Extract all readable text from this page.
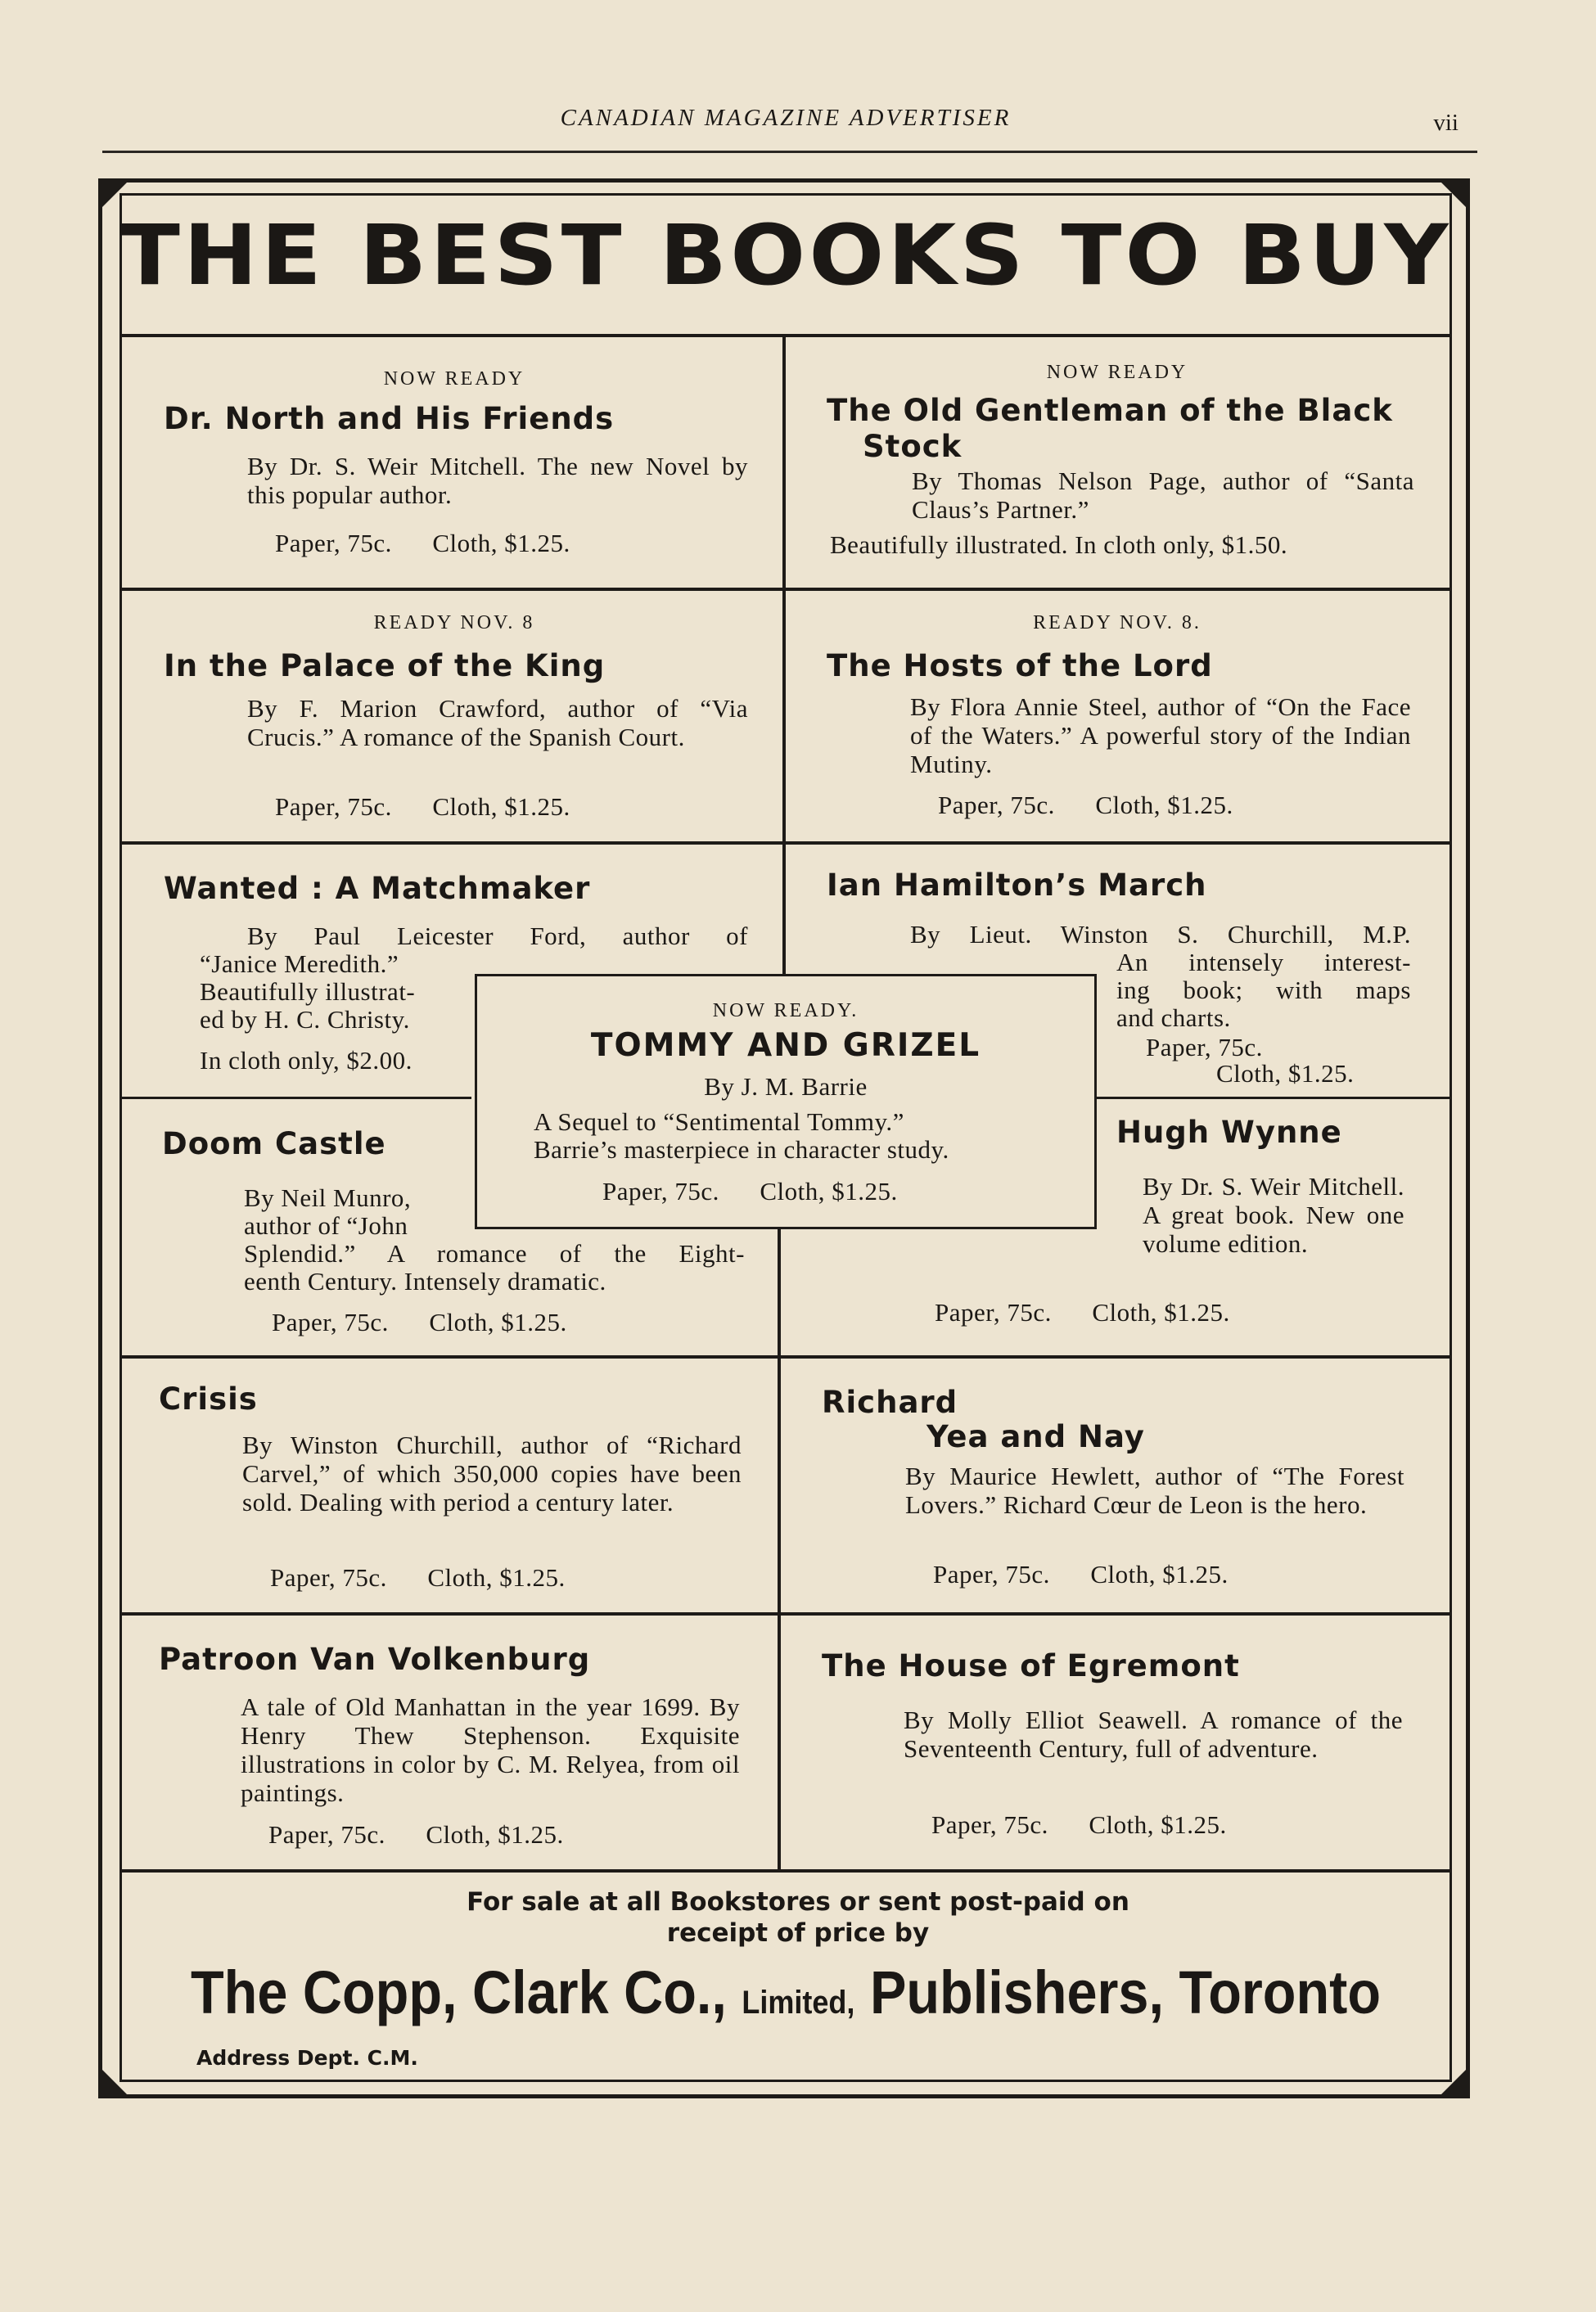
CANADIAN MAGAZINE ADVERTISER	vii
THE BEST BOOKS TO BUY
NOW READY
Dr. North and His Friends
By Dr. S. Weir Mitchell. The new Novel by this popular author.
Paper, 75c.      Cloth, $1.25.
NOW READY
The Old Gentleman of the Black
Stock
By Thomas Nelson Page, author of “Santa Claus’s Partner.”
Beautifully illustrated. In cloth only, $1.50.
READY NOV. 8
In the Palace of the King
By F. Marion Crawford, author of “Via Crucis.” A romance of the Spanish Court.
Paper, 75c.      Cloth, $1.25.
READY NOV. 8.
The Hosts of the Lord
By Flora Annie Steel, author of “On the Face of the Waters.” A powerful story of the Indian Mutiny.
Paper, 75c.      Cloth, $1.25.
Wanted : A Matchmaker
By Paul Leicester Ford, author of
“Janice Meredith.”
Beautifully illustrat-
ed by H. C. Christy.
In cloth only, $2.00.
Ian Hamilton’s March
By Lieut. Winston S. Churchill, M.P.
An intensely interest-
ing book; with maps
and charts.
Paper, 75c.
Cloth, $1.25.
NOW READY.
TOMMY AND GRIZEL
By J. M. Barrie
A Sequel to “Sentimental Tommy.”
Barrie’s masterpiece in character study.
Paper, 75c.      Cloth, $1.25.
Doom Castle
By Neil Munro,
author of “John
Splendid.” A romance of the Eight-
eenth Century. Intensely dramatic.
Paper, 75c.      Cloth, $1.25.
Hugh Wynne
By Dr. S. Weir Mitchell. A great book. New one volume edition.
Paper, 75c.      Cloth, $1.25.
Crisis
By Winston Churchill, author of “Richard Carvel,” of which 350,000 copies have been sold. Dealing with period a century later.
Paper, 75c.      Cloth, $1.25.
Richard
Yea and Nay
By Maurice Hewlett, author of “The Forest Lovers.” Richard Cœur de Leon is the hero.
Paper, 75c.      Cloth, $1.25.
Patroon Van Volkenburg
A tale of Old Manhattan in the year 1699. By Henry Thew Stephenson. Exquisite illustrations in color by C. M. Relyea, from oil paintings.
Paper, 75c.      Cloth, $1.25.
The House of Egremont
By Molly Elliot Seawell. A romance of the Seventeenth Century, full of adventure.
Paper, 75c.      Cloth, $1.25.
For sale at all Bookstores or sent post-paid on
receipt of price by
The Copp, Clark Co., Limited, Publishers, Toronto
Address Dept. C.M.
